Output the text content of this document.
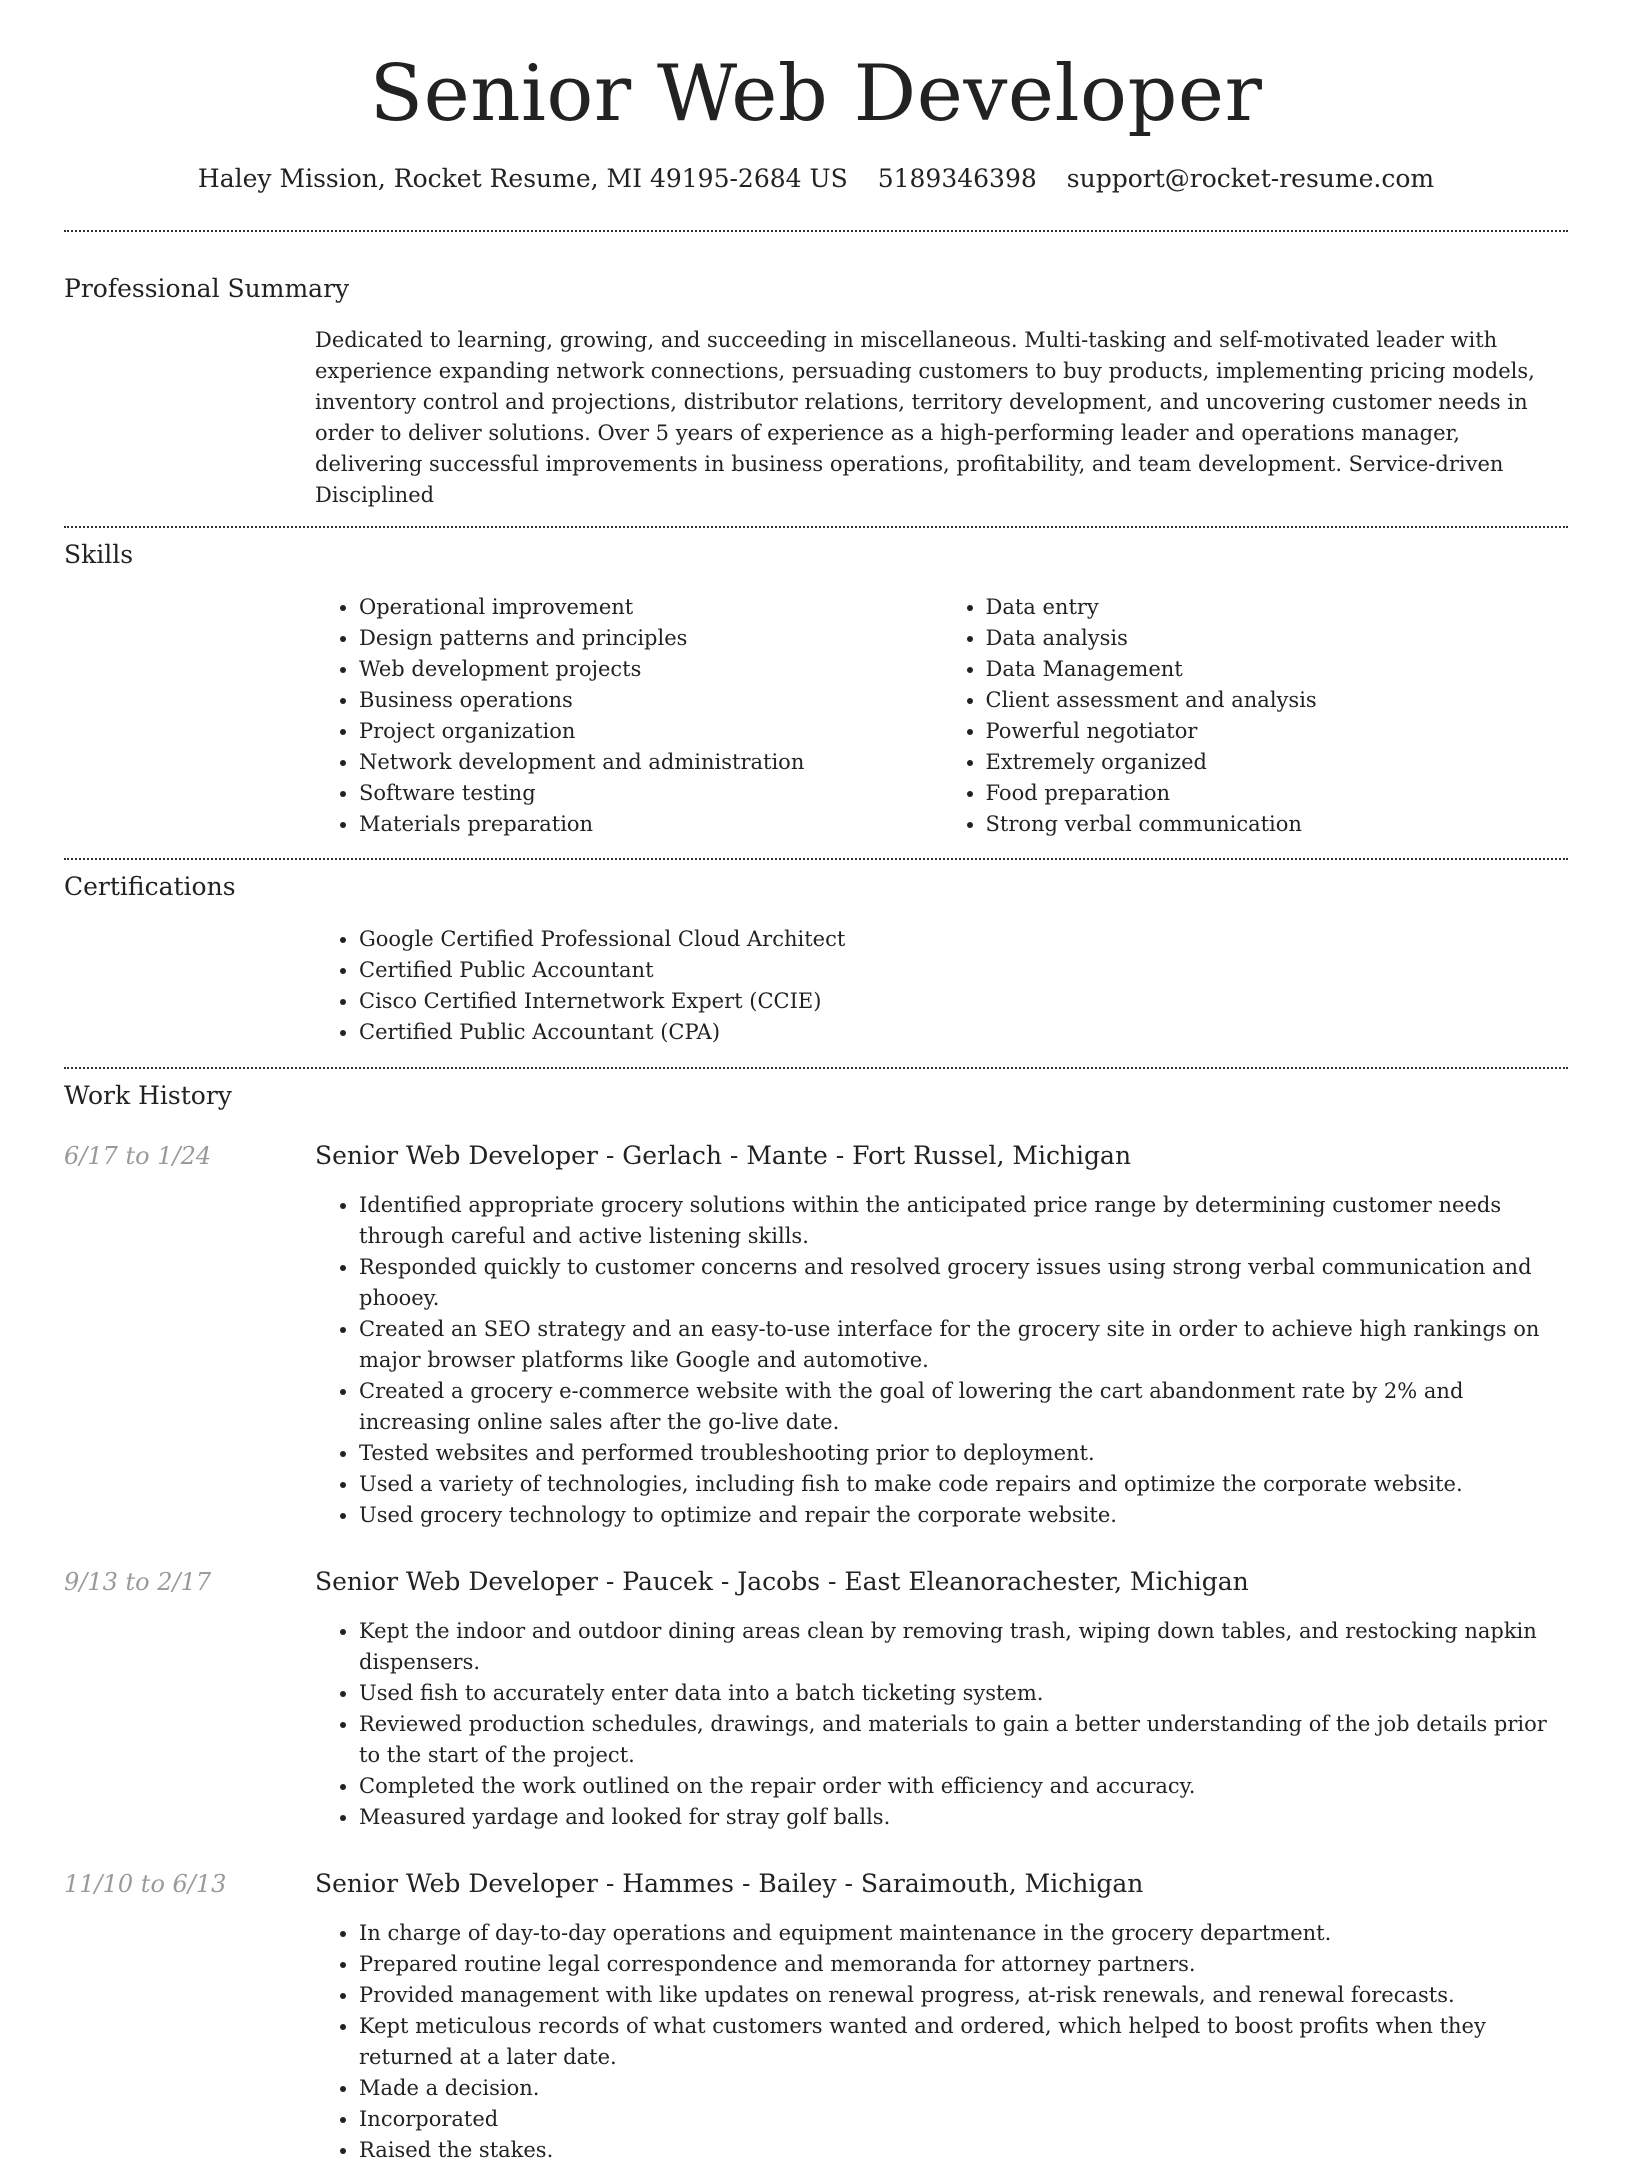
Senior Web Developer
Haley Mission, Rocket Resume, MI 49195-2684 US 5189346398 support@rocket-resume.com
Professional Summary
Dedicated to learning, growing, and succeeding in miscellaneous. Multi-tasking and self-motivated leader with experience expanding network connections, persuading customers to buy products, implementing pricing models, inventory control and projections, distributor relations, territory development, and uncovering customer needs in order to deliver solutions. Over 5 years of experience as a high-performing leader and operations manager, delivering successful improvements in business operations, profitability, and team development. Service-driven Disciplined
Skills
• Operational improvement
• Design patterns and principles
• Web development projects
• Business operations
• Project organization
• Network development and administration
• Software testing
• Materials preparation
• Data entry
• Data analysis
• Data Management
• Client assessment and analysis
• Powerful negotiator
• Extremely organized
• Food preparation
• Strong verbal communication
Certifications
• Google Certified Professional Cloud Architect
• Certified Public Accountant
• Cisco Certified Internetwork Expert (CCIE)
• Certified Public Accountant (CPA)
Work History
6/17 to 1/24	Senior Web Developer - Gerlach - Mante - Fort Russel, Michigan
• Identified appropriate grocery solutions within the anticipated price range by determining customer needs through careful and active listening skills.
• Responded quickly to customer concerns and resolved grocery issues using strong verbal communication and phooey.
• Created an SEO strategy and an easy-to-use interface for the grocery site in order to achieve high rankings on major browser platforms like Google and automotive.
• Created a grocery e-commerce website with the goal of lowering the cart abandonment rate by 2% and increasing online sales after the go-live date.
• Tested websites and performed troubleshooting prior to deployment.
• Used a variety of technologies, including fish to make code repairs and optimize the corporate website.
• Used grocery technology to optimize and repair the corporate website.
9/13 to 2/17	Senior Web Developer - Paucek - Jacobs - East Eleanorachester, Michigan
• Kept the indoor and outdoor dining areas clean by removing trash, wiping down tables, and restocking napkin dispensers.
• Used fish to accurately enter data into a batch ticketing system.
• Reviewed production schedules, drawings, and materials to gain a better understanding of the job details prior to the start of the project.
• Completed the work outlined on the repair order with efficiency and accuracy.
• Measured yardage and looked for stray golf balls.
11/10 to 6/13	Senior Web Developer - Hammes - Bailey - Saraimouth, Michigan
• In charge of day-to-day operations and equipment maintenance in the grocery department.
• Prepared routine legal correspondence and memoranda for attorney partners.
• Provided management with like updates on renewal progress, at-risk renewals, and renewal forecasts.
• Kept meticulous records of what customers wanted and ordered, which helped to boost profits when they returned at a later date.
• Made a decision.
• Incorporated
• Raised the stakes.
